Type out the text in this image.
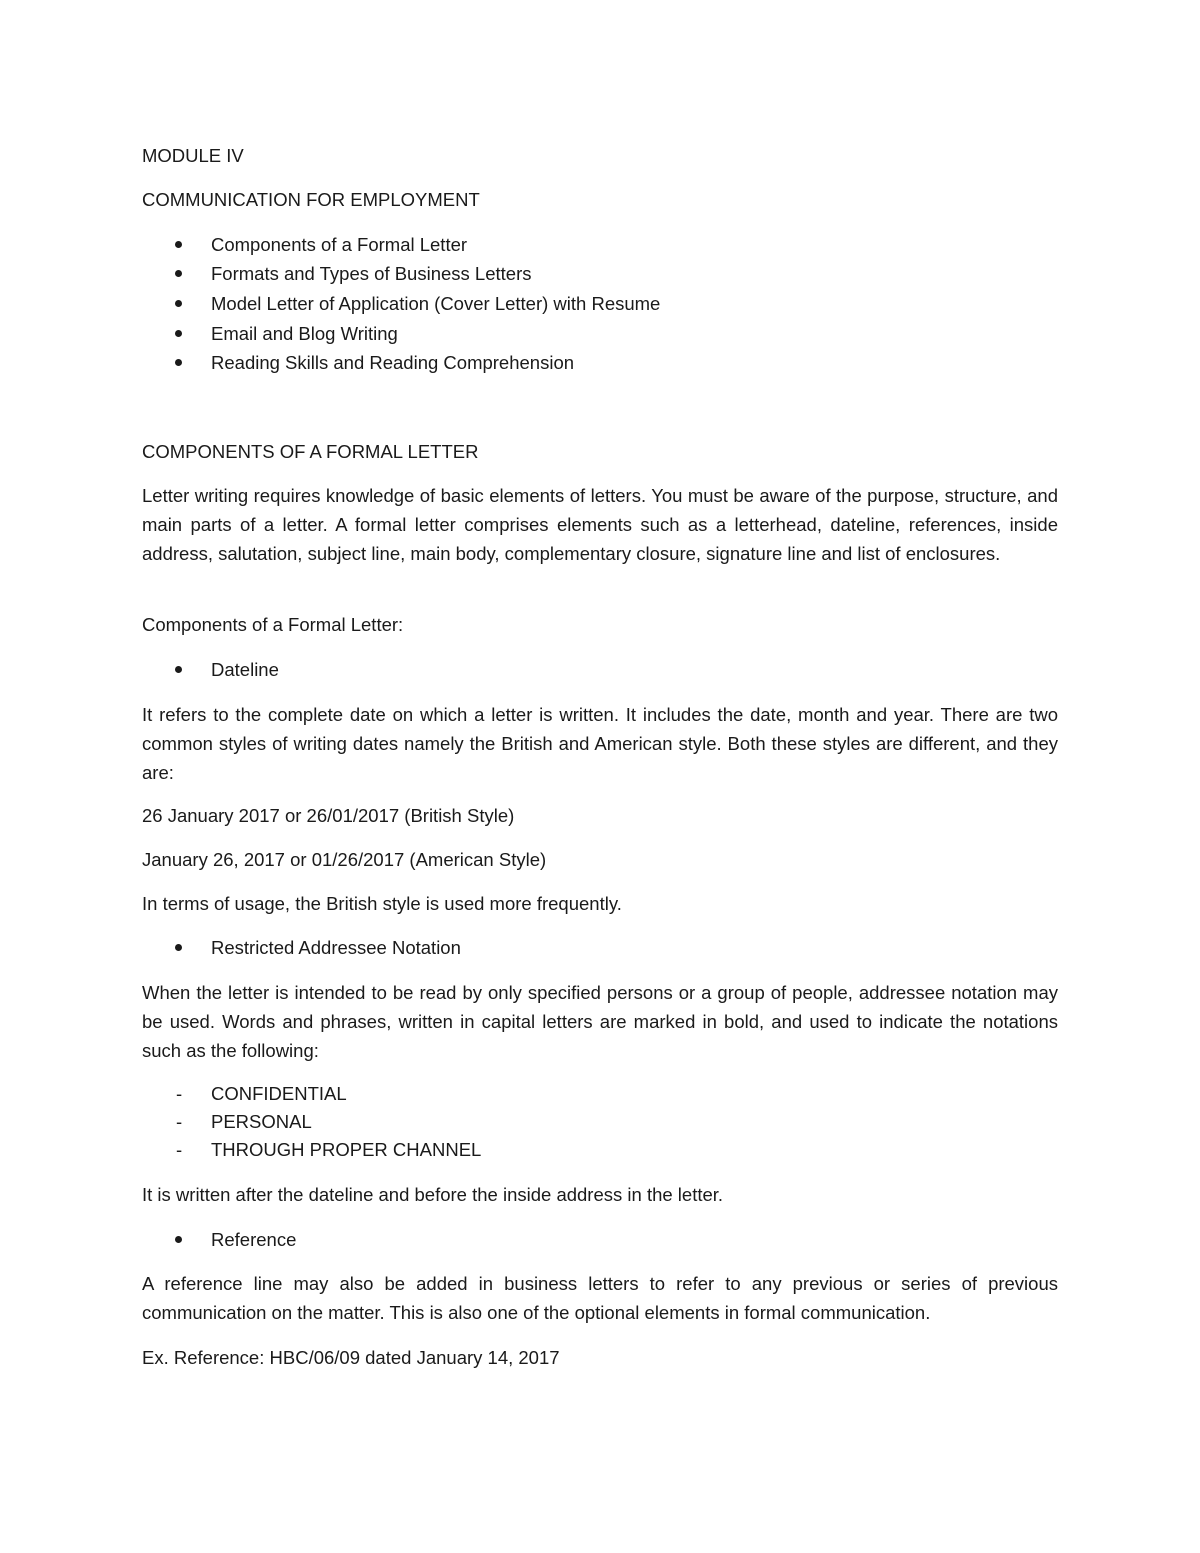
MODULE IV

COMMUNICATION FOR EMPLOYMENT

Components of a Formal Letter
Formats and Types of Business Letters
Model Letter of Application (Cover Letter) with Resume
Email and Blog Writing
Reading Skills and Reading Comprehension

COMPONENTS OF A FORMAL LETTER

Letter writing requires knowledge of basic elements of letters. You must be aware of the purpose, structure, and main parts of a letter. A formal letter comprises elements such as a letterhead, dateline, references, inside address, salutation, subject line, main body, complementary closure, signature line and list of enclosures.

Components of a Formal Letter:

Dateline

It refers to the complete date on which a letter is written. It includes the date, month and year. There are two common styles of writing dates namely the British and American style. Both these styles are different, and they are:

26 January 2017 or 26/01/2017 (British Style)

January 26, 2017 or 01/26/2017 (American Style)

In terms of usage, the British style is used more frequently.

Restricted Addressee Notation

When the letter is intended to be read by only specified persons or a group of people, addressee notation may be used. Words and phrases, written in capital letters are marked in bold, and used to indicate the notations such as the following:

- CONFIDENTIAL
- PERSONAL
- THROUGH PROPER CHANNEL

It is written after the dateline and before the inside address in the letter.

Reference

A reference line may also be added in business letters to refer to any previous or series of previous communication on the matter. This is also one of the optional elements in formal communication.

Ex. Reference: HBC/06/09 dated January 14, 2017
